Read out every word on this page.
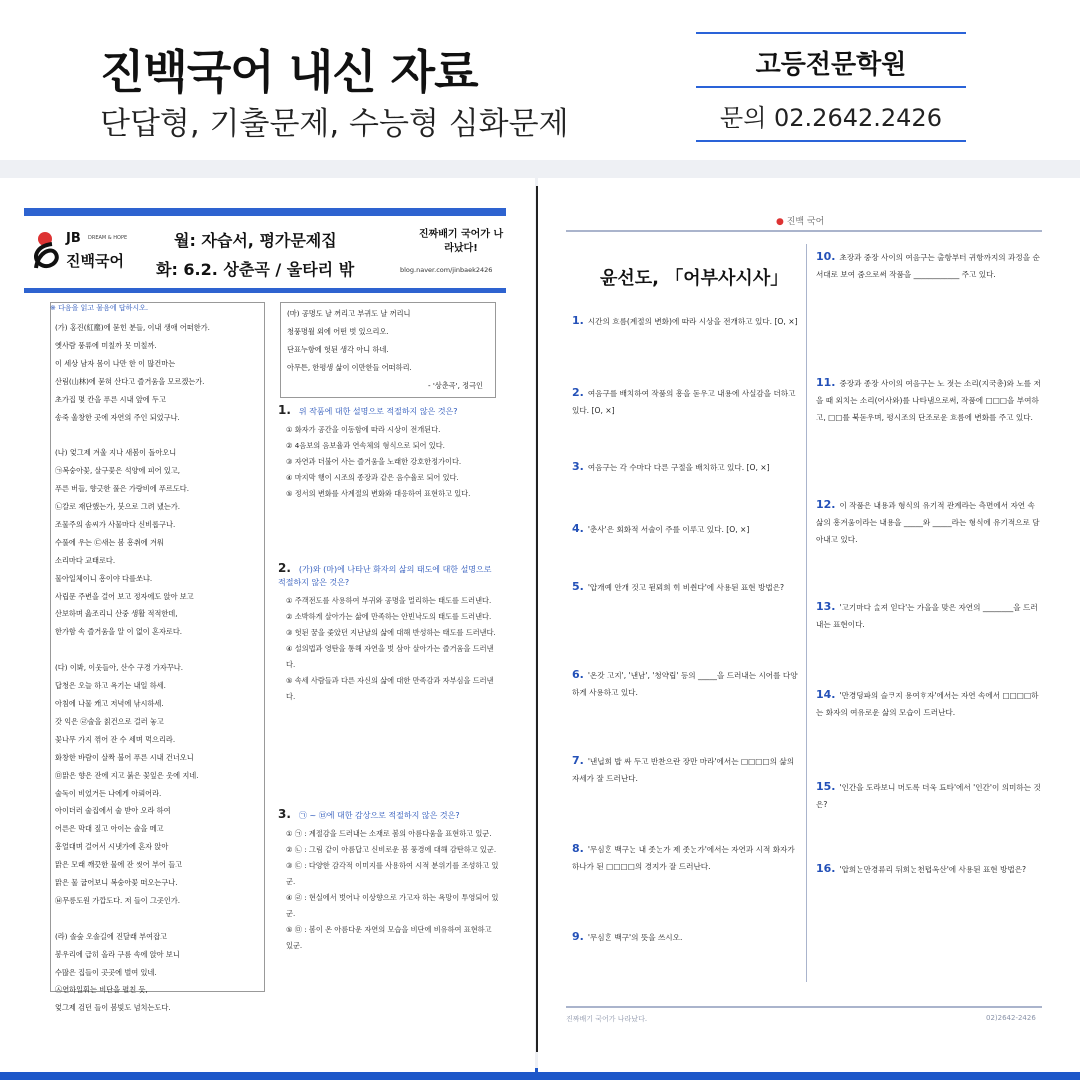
진백국어 내신 자료
단답형, 기출문제, 수능형 심화문제
고등전문학원
문의 02.2642.2426
JB DREAM & HOPE
진백국어
월: 자습서, 평가문제집
화: 6.2. 상춘곡 / 울타리 밖
진짜배기 국어가 나라났다!
blog.naver.com/jinbaek2426
(가) 홍진(紅塵)에 묻힌 분들, 이내 생애 어떠한가.
옛사람 풍류에 미칠까 못 미칠까.
이 세상 남자 몸이 나만 한 이 많건마는
산림(山林)에 묻혀 산다고 즐거움을 모르겠는가.
초가집 몇 칸을 푸른 시내 앞에 두고
송죽 울창한 곳에 자연의 주인 되었구나.
(나) 엊그제 겨울 지나 새봄이 돌아오니
㉠복숭아꽃, 살구꽃은 석양에 피어 있고,
푸른 버들, 향긋한 풀은 가랑비에 푸르도다.
㉡칼로 재단했는가, 붓으로 그려 냈는가.
조물주의 솜씨가 사물마다 신비롭구나.
수풀에 우는 ㉢새는 봄 흥취에 겨워
소리마다 교태로다.
물아일체이니 흥이야 다를쏘냐.
사립문 주변을 걸어 보고 정자에도 앉아 보고
산보하며 읊조리니 산중 생활 적적한데,
한가함 속 즐거움을 알 이 없이 혼자로다.
(다) 이봐, 이웃들아, 산수 구경 가자꾸나.
답청은 오늘 하고 욕기는 내일 하세.
아침에 나물 캐고 저녁에 낚시하세.
갓 익은 ㉣술을 칡건으로 걸러 놓고
꽃나무 가지 꺾어 잔 수 세며 먹으리라.
화창한 바람이 살짝 불어 푸른 시내 건너오니
㉤맑은 향은 잔에 지고 붉은 꽃잎은 옷에 지네.
술독이 비었거든 나에게 아뢰어라.
아이더러 술집에서 술 받아 오라 하여
어른은 막대 짚고 아이는 술을 메고
흥얼대며 걸어서 시냇가에 혼자 앉아
맑은 모래 깨끗한 물에 잔 씻어 부어 들고
맑은 물 굽어보니 복숭아꽃 떠오는구나.
㉥무릉도원 가깝도다. 저 들이 그곳인가.
(라) 솔숲 오솔길에 진달래 부여잡고
봉우리에 급히 올라 구름 속에 앉아 보니
수많은 집들이 곳곳에 벌여 있네.
㉦연하일휘는 비단을 펼친 듯,
엊그제 검던 들이 봄빛도 넘치는도다.
※ 다음을 읽고 물음에 답하시오.
(마) 공명도 날 꺼리고 부귀도 날 꺼리니
청풍명월 외에 어떤 벗 있으리오.
단표누항에 헛된 생각 아니 하네.
아무튼, 한평생 삶이 이만한들 어떠하리.
- '상춘곡', 정극인
1. 위 작품에 대한 설명으로 적절하지 않은 것은?
① 화자가 공간을 이동함에 따라 시상이 전개된다.
② 4음보의 음보율과 연속체의 형식으로 되어 있다.
③ 자연과 더불어 사는 즐거움을 노래한 강호한정가이다.
④ 마지막 행이 시조의 종장과 같은 음수율로 되어 있다.
⑤ 정서의 변화를 사계절의 변화와 대응하여 표현하고 있다.
2. (가)와 (마)에 나타난 화자의 삶의 태도에 대한 설명으로 적절하지 않은 것은?
① 주객전도를 사용하여 부귀와 공명을 멀리하는 태도를 드러낸다.
② 소박하게 살아가는 삶에 만족하는 안빈낙도의 태도를 드러낸다.
③ 헛된 꿈을 좇았던 지난날의 삶에 대해 반성하는 태도를 드러낸다.
④ 설의법과 영탄을 통해 자연을 벗 삼아 살아가는 즐거움을 드러낸다.
⑤ 속세 사람들과 다른 자신의 삶에 대한 만족감과 자부심을 드러낸다.
3. ㉠ ~ ㉥에 대한 감상으로 적절하지 않은 것은?
① ㉠ : 계절감을 드러내는 소재로 봄의 아름다움을 표현하고 있군.
② ㉡ : 그림 같이 아름답고 신비로운 봄 풍경에 대해 감탄하고 있군.
③ ㉢ : 다양한 감각적 이미지를 사용하여 시적 분위기를 조성하고 있군.
④ ㉣ : 현실에서 벗어나 이상향으로 가고자 하는 욕망이 투영되어 있군.
⑤ ㉤ : 봄이 온 아름다운 자연의 모습을 비단에 비유하여 표현하고 있군.
● 진백 국어
윤선도, 「어부사시사」
1. 시간의 흐름(계절의 변화)에 따라 시상을 전개하고 있다. [O, ×]
2. 여음구를 배치하여 작품의 흥을 돋우고 내용에 사실감을 더하고 있다. [O, ×]
3. 여음구는 각 수마다 다른 구절을 배치하고 있다. [O, ×]
4. '춘사'은 회화적 서술이 주를 이루고 있다. [O, ×]
5. '압개예 안개 것고 뒫뫼희 ᄒᆡ 비췬다'에 사용된 표현 방법은?
6. '온갓 고지', '낸남', '청약립' 등의 _____을 드러내는 시어를 다양하게 사용하고 있다.
7. '낸닙희 밥 싸 두고 반찬으란 장만 마라'에서는 □□□□의 삶의 자세가 잘 드러난다.
8. '무심ᄒᆞᆫ 백구ᄂᆞᆫ 내 좃ᄂᆞᆫ가 제 좃ᄂᆞᆫ가'에서는 자연과 시적 화자가 하나가 된 □□□□의 경지가 잘 드러난다.
9. '무심ᄒᆞᆫ 백구'의 뜻을 쓰시오.
10. 초장과 중장 사이의 여음구는 출항부터 귀항까지의 과정을 순서대로 보여 줌으로써 작품을 ____________ 주고 있다.
11. 중장과 종장 사이의 여음구는 노 젓는 소리(지국총)와 노를 저을 때 외치는 소리(어사와)를 나타냄으로써, 작품에 □□□을 부여하고, □□를 북돋우며, 평시조의 단조로운 흐름에 변화를 주고 있다.
12. 이 작품은 내용과 형식의 유기적 관계라는 측면에서 자연 속 삶의 흥겨움이라는 내용을 _____와 _____라는 형식에 유기적으로 담아내고 있다.
13. '고기마다 ᄉᆞᆯ져 읻다'는 가을을 맞은 자연의 ________을 드러내는 표현이다.
14. '만경딩파의 슬ᄏᆞ지 용여ᄒᆞ자'에서는 자연 속에서 □□□□하는 화자의 여유로운 삶의 모습이 드러난다.
15. '인간을 도라보니 머도록 더욱 됴타'에서 '인간'이 의미하는 것은?
16. '압희ᄂᆞᆫ만경류리 뒤희ᄂᆞᆫ천텹옥산'에 사용된 표현 방법은?
진짜배기 국어가 나라났다.	02)2642-2426
